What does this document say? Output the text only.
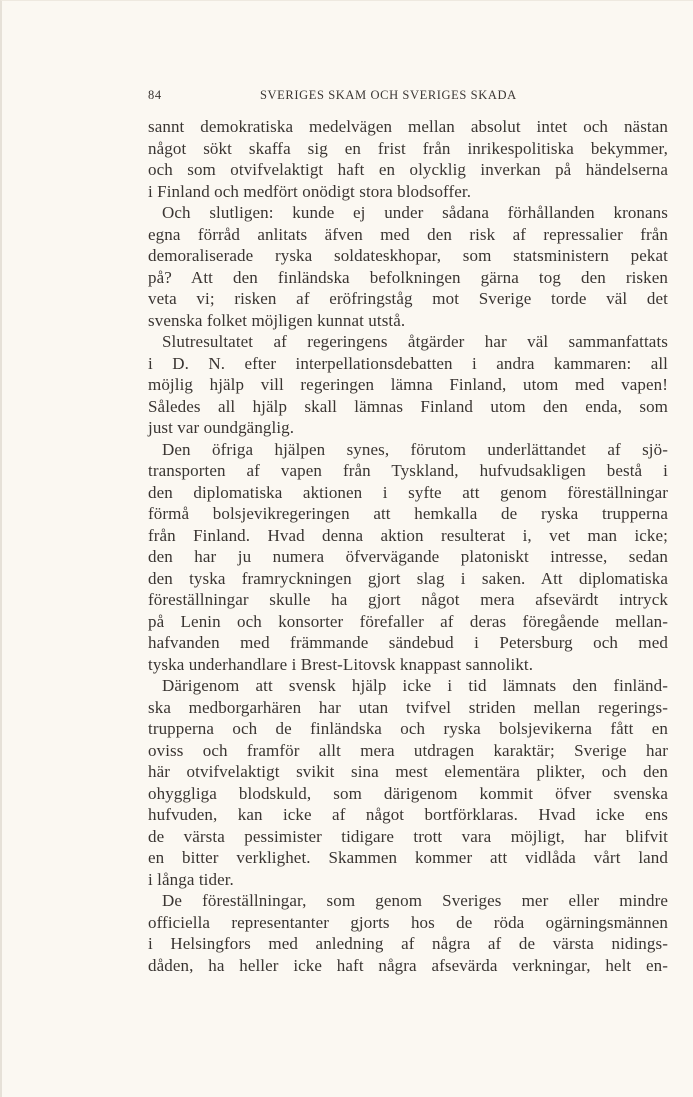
84	SVERIGES SKAM OCH SVERIGES SKADA
sannt demokratiska medelvägen mellan absolut intet och nästan
något sökt skaffa sig en frist från inrikespolitiska bekymmer,
och som otvifvelaktigt haft en olycklig inverkan på händelserna
i Finland och medfört onödigt stora blodsoffer.
Och slutligen: kunde ej under sådana förhållanden kronans
egna förråd anlitats äfven med den risk af repressalier från
demoraliserade ryska soldateskhopar, som statsministern pekat
på? Att den finländska befolkningen gärna tog den risken
veta vi; risken af eröfringståg mot Sverige torde väl det
svenska folket möjligen kunnat utstå.
Slutresultatet af regeringens åtgärder har väl sammanfattats
i D. N. efter interpellationsdebatten i andra kammaren: all
möjlig hjälp vill regeringen lämna Finland, utom med vapen!
Således all hjälp skall lämnas Finland utom den enda, som
just var oundgänglig.
Den öfriga hjälpen synes, förutom underlättandet af sjö-
transporten af vapen från Tyskland, hufvudsakligen bestå i
den diplomatiska aktionen i syfte att genom föreställningar
förmå bolsjevikregeringen att hemkalla de ryska trupperna
från Finland. Hvad denna aktion resulterat i, vet man icke;
den har ju numera öfvervägande platoniskt intresse, sedan
den tyska framryckningen gjort slag i saken. Att diplomatiska
föreställningar skulle ha gjort något mera afsevärdt intryck
på Lenin och konsorter förefaller af deras föregående mellan-
hafvanden med främmande sändebud i Petersburg och med
tyska underhandlare i Brest-Litovsk knappast sannolikt.
Därigenom att svensk hjälp icke i tid lämnats den finländ-
ska medborgarhären har utan tvifvel striden mellan regerings-
trupperna och de finländska och ryska bolsjevikerna fått en
oviss och framför allt mera utdragen karaktär; Sverige har
här otvifvelaktigt svikit sina mest elementära plikter, och den
ohyggliga blodskuld, som därigenom kommit öfver svenska
hufvuden, kan icke af något bortförklaras. Hvad icke ens
de värsta pessimister tidigare trott vara möjligt, har blifvit
en bitter verklighet. Skammen kommer att vidlåda vårt land
i långa tider.
De föreställningar, som genom Sveriges mer eller mindre
officiella representanter gjorts hos de röda ogärningsmännen
i Helsingfors med anledning af några af de värsta nidings-
dåden, ha heller icke haft några afsevärda verkningar, helt en-
